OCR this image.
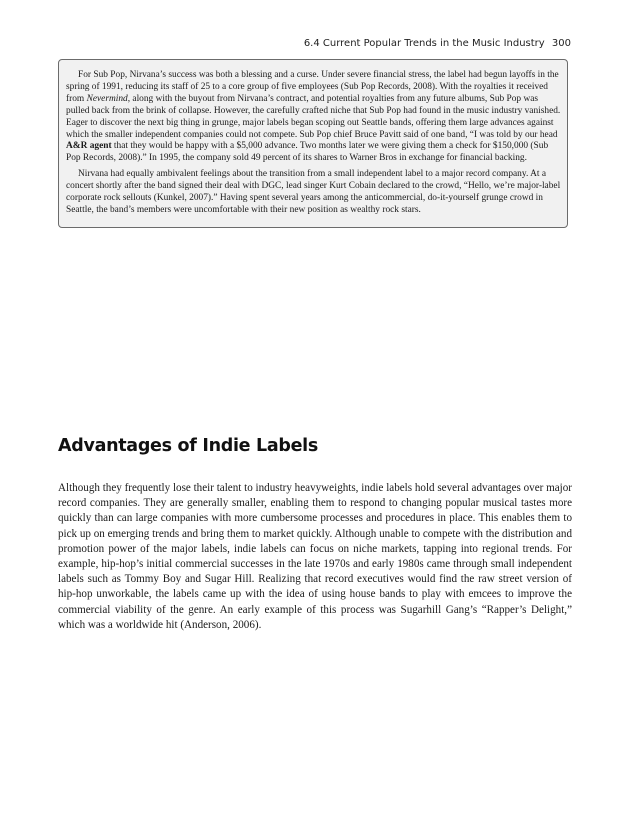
6.4 Current Popular Trends in the Music Industry 300

For Sub Pop, Nirvana’s success was both a blessing and a curse. Under severe financial stress, the label had begun layoffs in the spring of 1991, reducing its staff of 25 to a core group of five employees (Sub Pop Records, 2008). With the royalties it received from Nevermind, along with the buyout from Nirvana’s contract, and potential royalties from any future albums, Sub Pop was pulled back from the brink of collapse. However, the carefully crafted niche that Sub Pop had found in the music industry vanished. Eager to discover the next big thing in grunge, major labels began scoping out Seattle bands, offering them large advances against which the smaller independent companies could not compete. Sub Pop chief Bruce Pavitt said of one band, “I was told by our head A&R agent that they would be happy with a $5,000 advance. Two months later we were giving them a check for $150,000 (Sub Pop Records, 2008).” In 1995, the company sold 49 percent of its shares to Warner Bros in exchange for financial backing.

Nirvana had equally ambivalent feelings about the transition from a small independent label to a major record company. At a concert shortly after the band signed their deal with DGC, lead singer Kurt Cobain declared to the crowd, “Hello, we’re major-label corporate rock sellouts (Kunkel, 2007).” Having spent several years among the anticommercial, do-it-yourself grunge crowd in Seattle, the band’s members were uncomfortable with their new position as wealthy rock stars.

Advantages of Indie Labels

Although they frequently lose their talent to industry heavyweights, indie labels hold several advantages over major record companies. They are generally smaller, enabling them to respond to changing popular musical tastes more quickly than can large companies with more cumbersome processes and procedures in place. This enables them to pick up on emerging trends and bring them to market quickly. Although unable to compete with the distribution and promotion power of the major labels, indie labels can focus on niche markets, tapping into regional trends. For example, hip-hop’s initial commercial successes in the late 1970s and early 1980s came through small independent labels such as Tommy Boy and Sugar Hill. Realizing that record executives would find the raw street version of hip-hop unworkable, the labels came up with the idea of using house bands to play with emcees to improve the commercial viability of the genre. An early example of this process was Sugarhill Gang’s “Rapper’s Delight,” which was a worldwide hit (Anderson, 2006).
